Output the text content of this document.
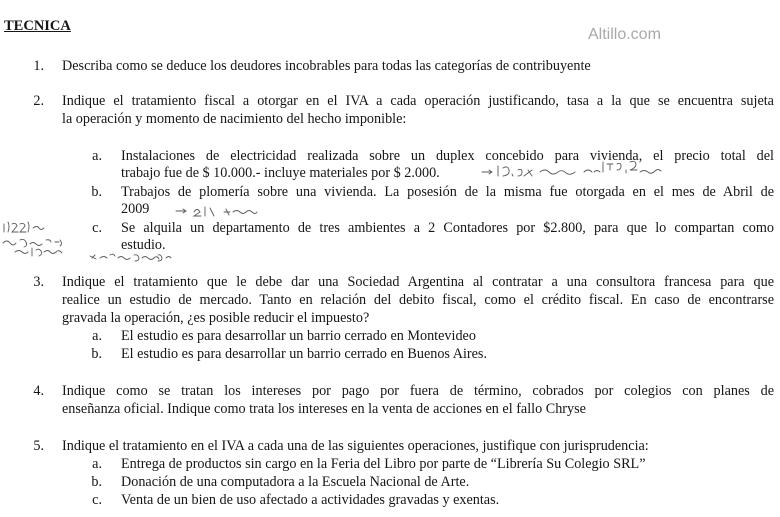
TECNICA	Altillo.com
1. Describa como se deduce los deudores incobrables para todas las categorías de contribuyente
2. Indique el tratamiento fiscal a otorgar en el IVA a cada operación justificando, tasa a la que se encuentra sujeta
la operación y momento de nacimiento del hecho imponible:
a. Instalaciones de electricidad realizada sobre un duplex concebido para vivienda, el precio total del
trabajo fue de $ 10.000.- incluye materiales por $ 2.000.
b. Trabajos de plomería sobre una vivienda. La posesión de la misma fue otorgada en el mes de Abril de
2009
c. Se alquila un departamento de tres ambientes a 2 Contadores por $2.800, para que lo compartan como
estudio.
3. Indique el tratamiento que le debe dar una Sociedad Argentina al contratar a una consultora francesa para que
realice un estudio de mercado. Tanto en relación del debito fiscal, como el crédito fiscal. En caso de encontrarse
gravada la operación, ¿es posible reducir el impuesto?
a. El estudio es para desarrollar un barrio cerrado en Montevideo
b. El estudio es para desarrollar un barrio cerrado en Buenos Aires.
4. Indique como se tratan los intereses por pago por fuera de término, cobrados por colegios con planes de
enseñanza oficial. Indique como trata los intereses en la venta de acciones en el fallo Chryse
5. Indique el tratamiento en el IVA a cada una de las siguientes operaciones, justifique con jurisprudencia:
a. Entrega de productos sin cargo en la Feria del Libro por parte de “Librería Su Colegio SRL”
b. Donación de una computadora a la Escuela Nacional de Arte.
c. Venta de un bien de uso afectado a actividades gravadas y exentas.
